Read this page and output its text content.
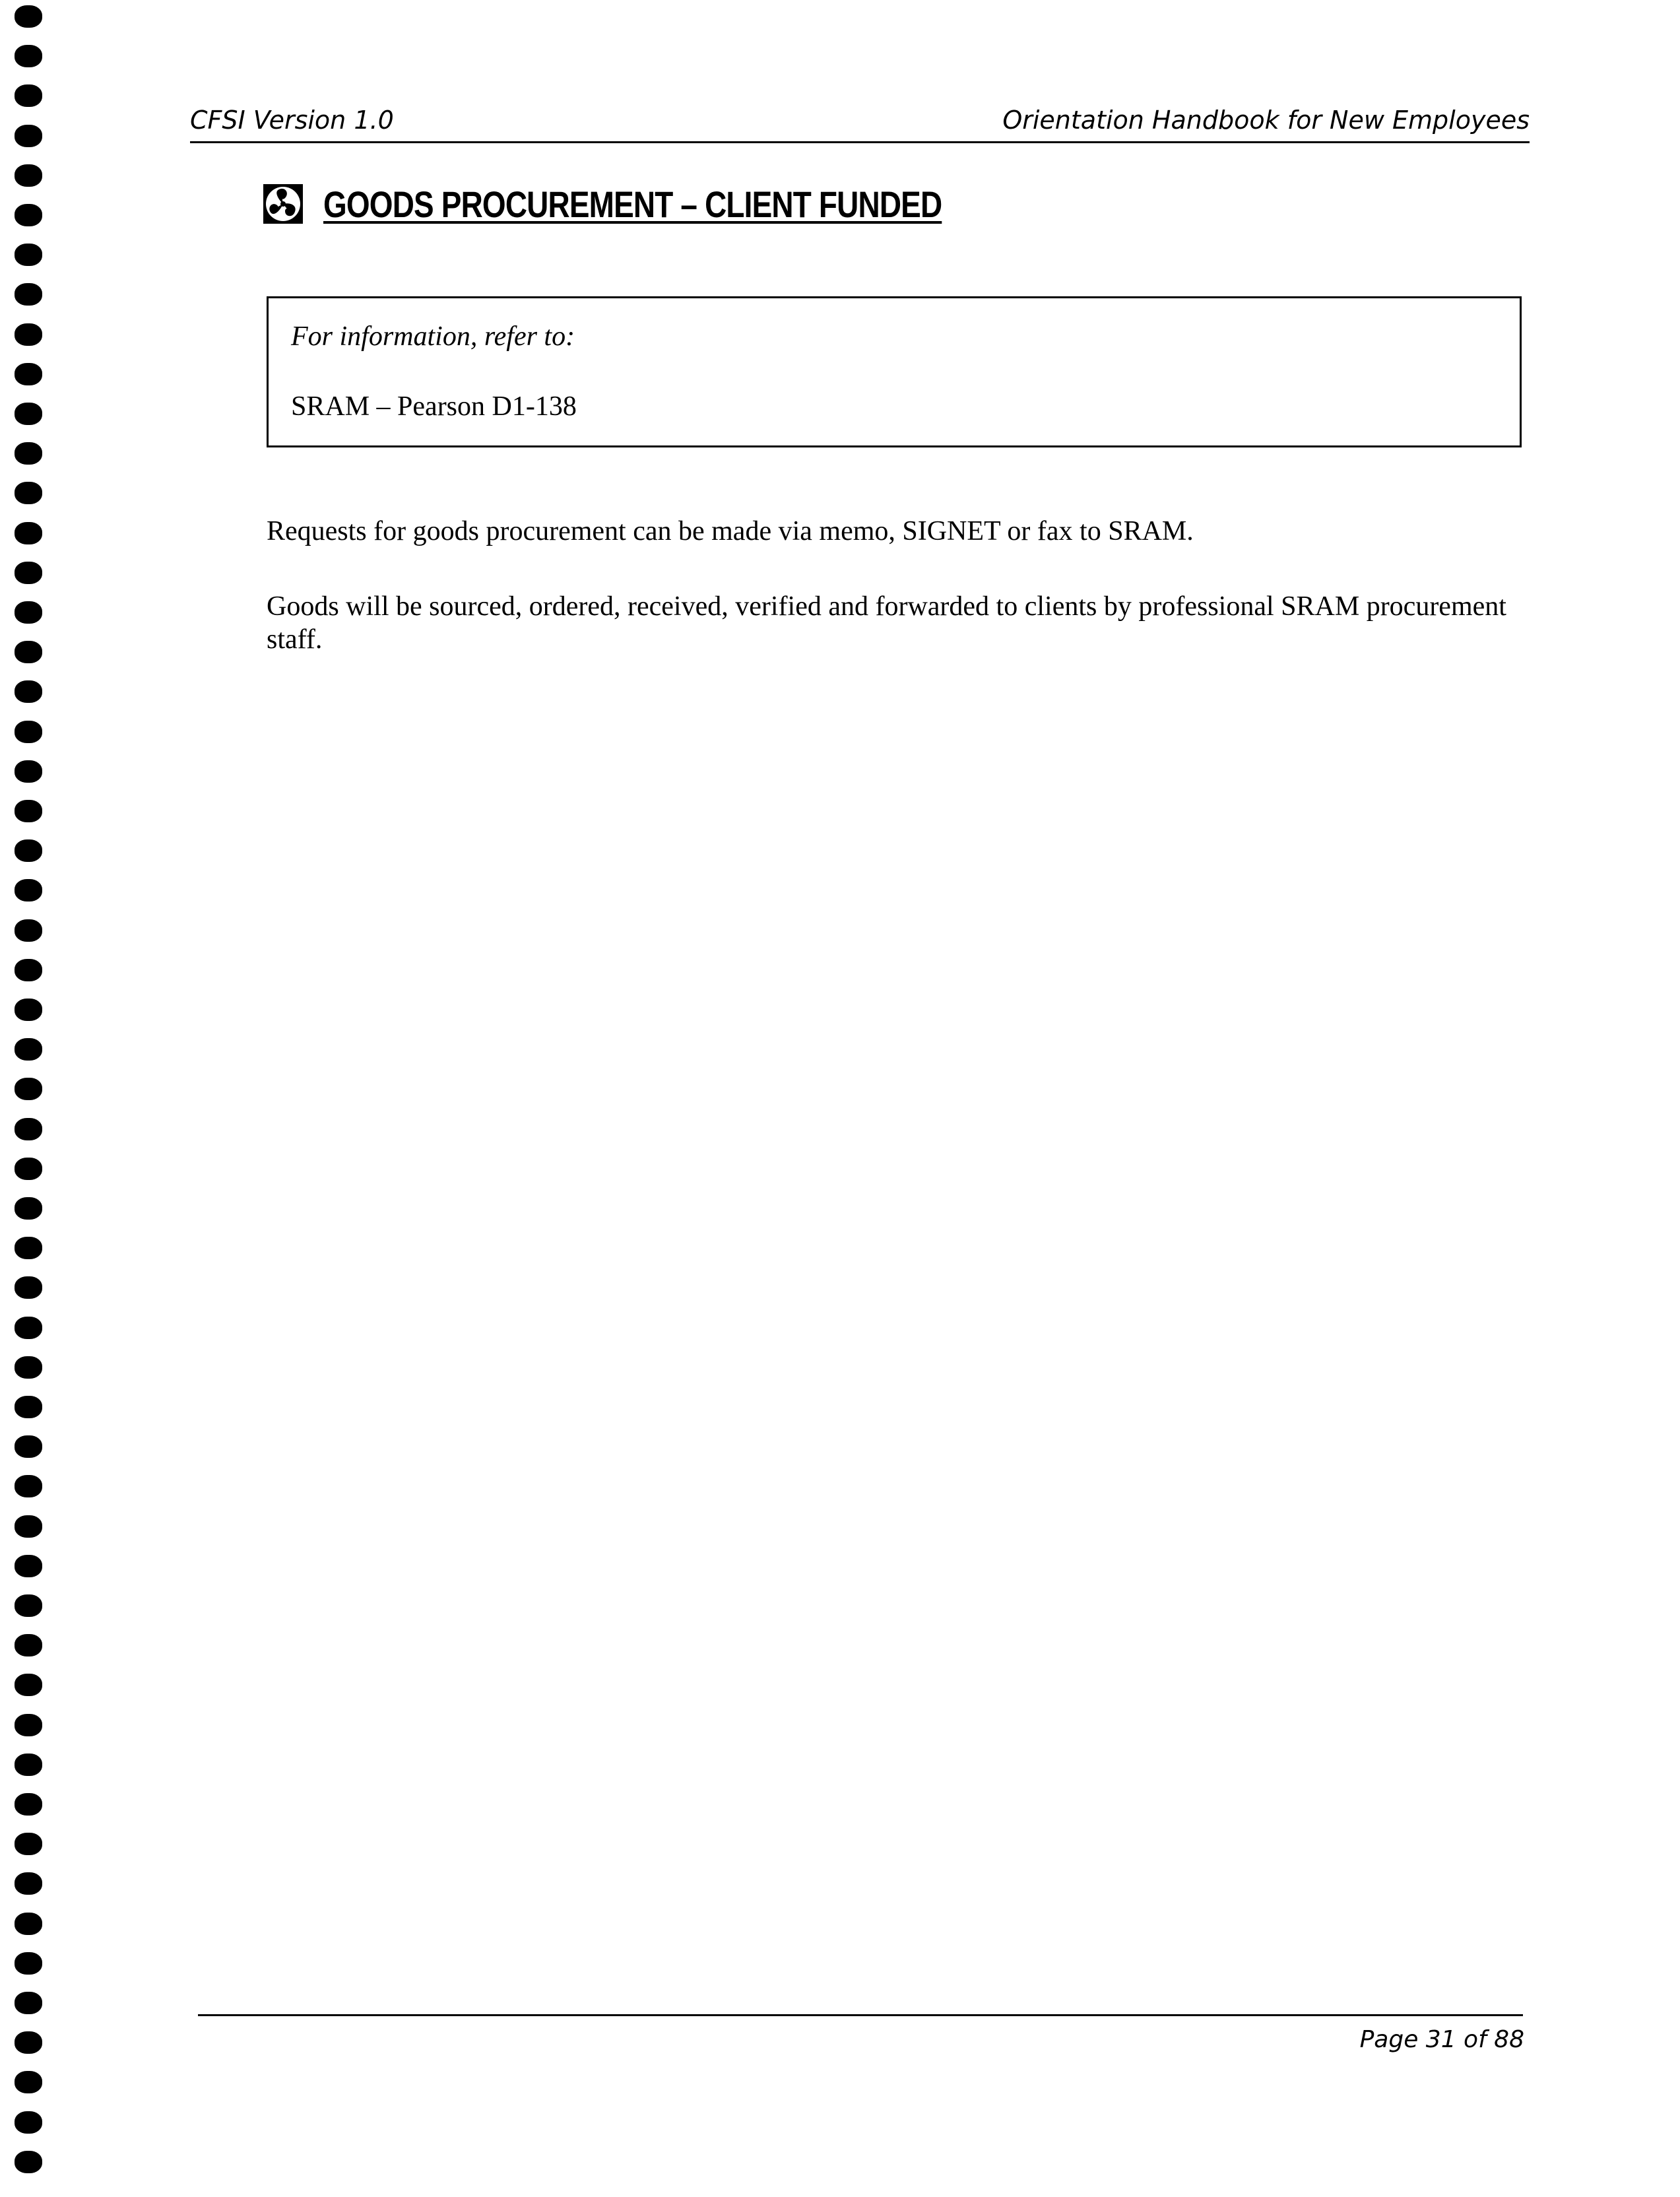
CFSI Version 1.0	Orientation Handbook for New Employees
GOODS PROCUREMENT – CLIENT FUNDED
For information, refer to:
SRAM – Pearson D1-138

Requests for goods procurement can be made via memo, SIGNET or fax to SRAM.

Goods will be sourced, ordered, received, verified and forwarded to clients by professional SRAM procurement staff.

Page 31 of 88
